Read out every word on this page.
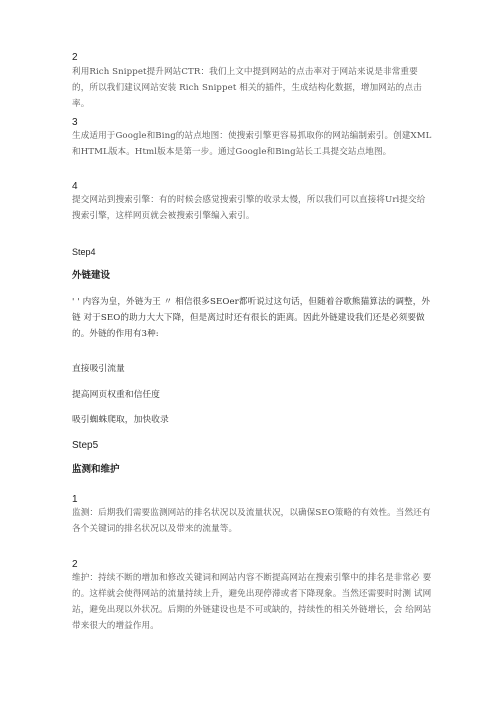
2
利用Rich Snippet提升网站CTR：我们上文中提到网站的点击率对于网站来说是非常重要的，所以我们建议网站安装 Rich Snippet 相关的插件，生成结构化数据，增加网站的点击率。
3
生成适用于Google和Bing的站点地图：使搜索引擎更容易抓取你的网站编制索引。创建XML和HTML版本。Html版本是第一步。通过Google和Bing站长工具提交站点地图。
4
提交网站到搜索引擎：有的时候会感觉搜索引擎的收录太慢，所以我们可以直接将Url提交给搜索引擎，这样网页就会被搜索引擎编入索引。
Step4
外链建设
' ' 内容为皇，外链为王 〃 相信很多SEOer都听说过这句话，但随着谷歌熊猫算法的调整，外链 对于SEO的助力大大下降，但是离过时还有很长的距离。因此外链建设我们还是必须要做 的。外链的作用有3种:
直接吸引流量
提高网页权重和信任度
吸引蜘蛛爬取，加快收录
Step5
监测和维护
1
监测：后期我们需要监测网站的排名状况以及流量状况，以确保SEO策略的有效性。当然还有各个关键词的排名状况以及带来的流量等。
2
维护：持续不断的增加和修改关键词和网站内容不断提高网站在搜索引擎中的排名是非常必 要的。这样就会使得网站的流量持续上升，避免出现停滞或者下降现象。当然还需要时时测 试网站，避免出现以外状况。后期的外链建设也是不可或缺的，持续性的相关外链增长，会 给网站带来很大的增益作用。
